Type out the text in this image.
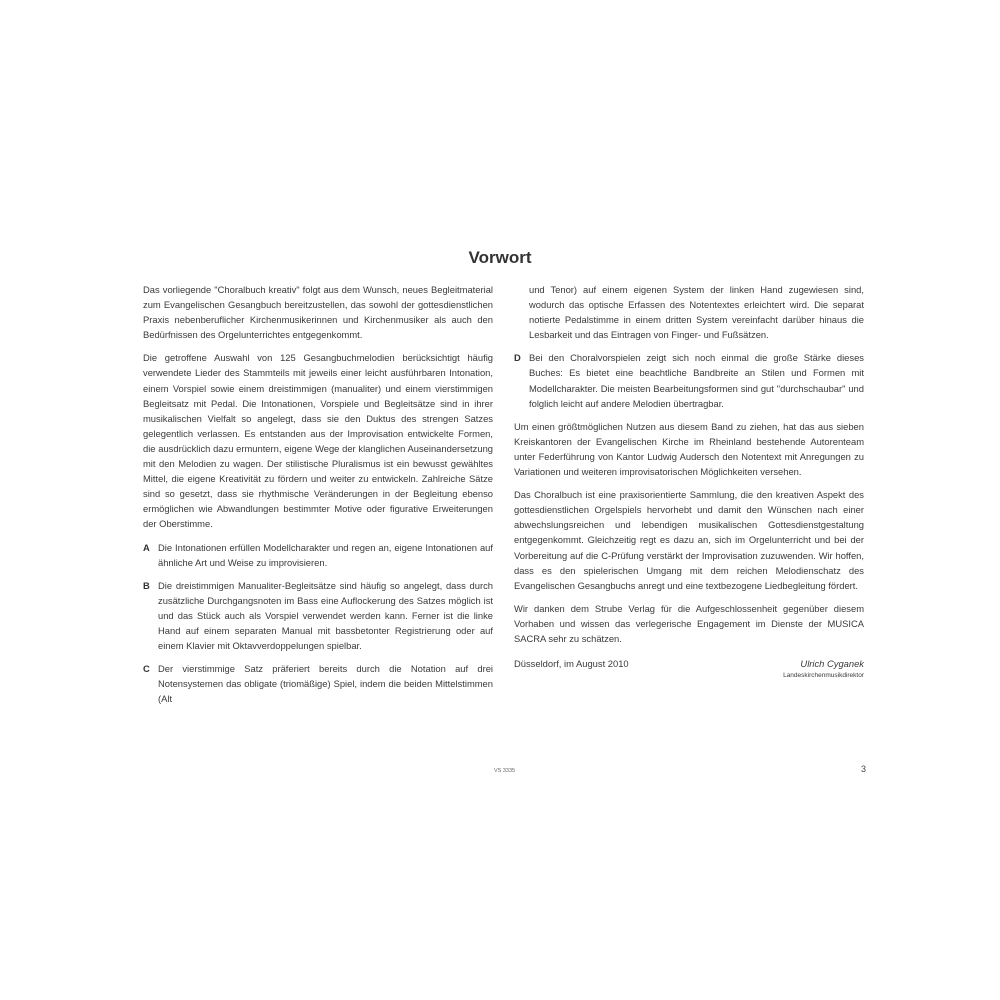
Vorwort

Das vorliegende "Choralbuch kreativ" folgt aus dem Wunsch, neues Begleitmaterial zum Evangelischen Gesangbuch bereitzustellen, das sowohl der gottesdienstlichen Praxis nebenberuflicher Kirchenmusikerinnen und Kirchenmusiker als auch den Bedürfnissen des Orgelunterrichtes entgegenkommt.

Die getroffene Auswahl von 125 Gesangbuchmelodien berücksichtigt häufig verwendete Lieder des Stammteils mit jeweils einer leicht ausführbaren Intonation, einem Vorspiel sowie einem dreistimmigen (manualiter) und einem vierstimmigen Begleitsatz mit Pedal. Die Intonationen, Vorspiele und Begleitsätze sind in ihrer musikalischen Vielfalt so angelegt, dass sie den Duktus des strengen Satzes gelegentlich verlassen. Es entstanden aus der Improvisation entwickelte Formen, die ausdrücklich dazu ermuntern, eigene Wege der klanglichen Auseinandersetzung mit den Melodien zu wagen. Der stilistische Pluralismus ist ein bewusst gewähltes Mittel, die eigene Kreativität zu fördern und weiter zu entwickeln. Zahlreiche Sätze sind so gesetzt, dass sie rhythmische Veränderungen in der Begleitung ebenso ermöglichen wie Abwandlungen bestimmter Motive oder figurative Erweiterungen der Oberstimme.

A Die Intonationen erfüllen Modellcharakter und regen an, eigene Intonationen auf ähnliche Art und Weise zu improvisieren.
B Die dreistimmigen Manualiter-Begleitsätze sind häufig so angelegt, dass durch zusätzliche Durchgangsnoten im Bass eine Auflockerung des Satzes möglich ist und das Stück auch als Vorspiel verwendet werden kann. Ferner ist die linke Hand auf einem separaten Manual mit bassbetonter Registrierung oder auf einem Klavier mit Oktavverdoppelungen spielbar.
C Der vierstimmige Satz präferiert bereits durch die Notation auf drei Notensystemen das obligate (triomäßige) Spiel, indem die beiden Mittelstimmen (Alt

und Tenor) auf einem eigenen System der linken Hand zugewiesen sind, wodurch das optische Erfassen des Notentextes erleichtert wird. Die separat notierte Pedalstimme in einem dritten System vereinfacht darüber hinaus die Lesbarkeit und das Eintragen von Finger- und Fußsätzen.

D Bei den Choralvorspielen zeigt sich noch einmal die große Stärke dieses Buches: Es bietet eine beachtliche Bandbreite an Stilen und Formen mit Modellcharakter. Die meisten Bearbeitungsformen sind gut "durchschaubar" und folglich leicht auf andere Melodien übertragbar.

Um einen größtmöglichen Nutzen aus diesem Band zu ziehen, hat das aus sieben Kreiskantoren der Evangelischen Kirche im Rheinland bestehende Autorenteam unter Federführung von Kantor Ludwig Audersch den Notentext mit Anregungen zu Variationen und weiteren improvisatorischen Möglichkeiten versehen.

Das Choralbuch ist eine praxisorientierte Sammlung, die den kreativen Aspekt des gottesdienstlichen Orgelspiels hervorhebt und damit den Wünschen nach einer abwechslungsreichen und lebendigen musikalischen Gottesdienstgestaltung entgegenkommt. Gleichzeitig regt es dazu an, sich im Orgelunterricht und bei der Vorbereitung auf die C-Prüfung verstärkt der Improvisation zuzuwenden. Wir hoffen, dass es den spielerischen Umgang mit dem reichen Melodienschatz des Evangelischen Gesangbuchs anregt und eine textbezogene Liedbegleitung fördert.

Wir danken dem Strube Verlag für die Aufgeschlossenheit gegenüber diesem Vorhaben und wissen das verlegerische Engagement im Dienste der MUSICA SACRA sehr zu schätzen.

Düsseldorf, im August 2010	Ulrich Cyganek
Landeskirchenmusikdirektor
VS 3335	3
